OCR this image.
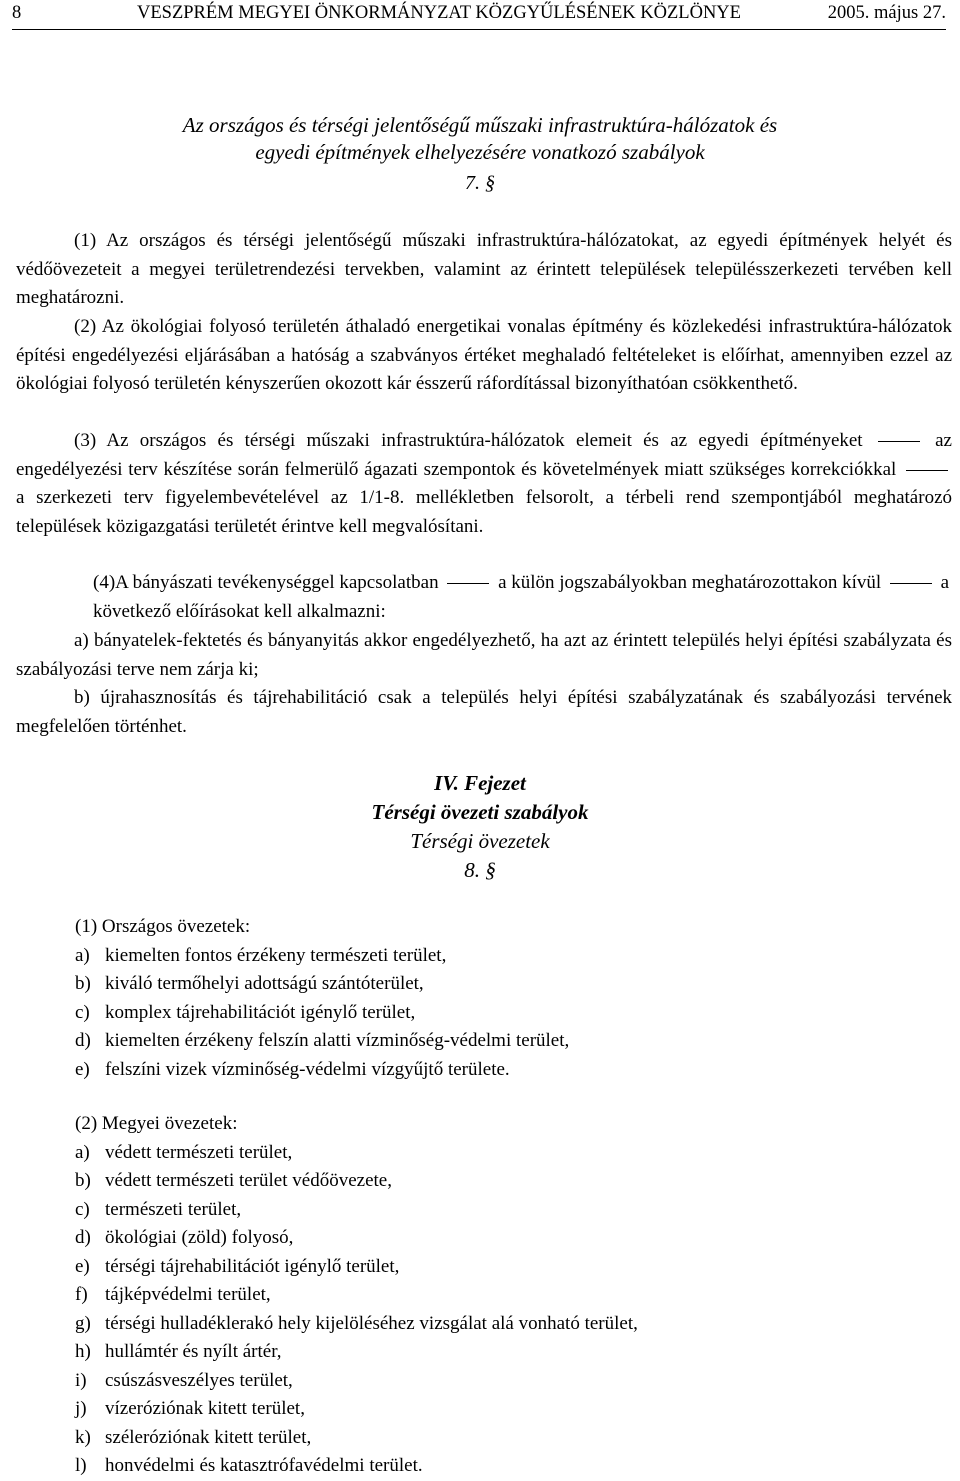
8	VESZPRÉM MEGYEI ÖNKORMÁNYZAT KÖZGYŰLÉSÉNEK KÖZLÖNYE	2005. május 27.
Az országos és térségi jelentőségű műszaki infrastruktúra-hálózatok és
egyedi építmények elhelyezésére vonatkozó szabályok
7. §
(1) Az országos és térségi jelentőségű műszaki infrastruktúra-hálózatokat, az egyedi építmények helyét és védőövezeteit a megyei területrendezési tervekben, valamint az érintett települések településszerkezeti tervében kell meghatározni.
(2) Az ökológiai folyosó területén áthaladó energetikai vonalas építmény és közlekedési infrastruktúra-hálózatok építési engedélyezési eljárásában a hatóság a szabványos értéket meghaladó feltételeket is előírhat, amennyiben ezzel az ökológiai folyosó területén kényszerűen okozott kár ésszerű ráfordítással bizonyíthatóan csökkenthető.
(3) Az országos és térségi műszaki infrastruktúra-hálózatok elemeit és az egyedi építményeket	az engedélyezési terv készítése során felmerülő ágazati szempontok és követelmények miatt szükséges korrekciókkal  a szerkezeti terv figyelembevételével az 1/1-8. mellékletben felsorolt, a térbeli rend szempontjából meghatározó települések közigazgatási területét érintve kell megvalósítani.
(4)A bányászati tevékenységgel kapcsolatban	a külön jogszabályokban meghatározottakon kívül	a következő előírásokat kell alkalmazni:
a) bányatelek-fektetés és bányanyitás akkor engedélyezhető, ha azt az érintett település helyi építési szabályzata és szabályozási terve nem zárja ki;
b) újrahasznosítás és tájrehabilitáció csak a település helyi építési szabályzatának és szabályozási tervének megfelelően történhet.
IV. Fejezet
Térségi övezeti szabályok
Térségi övezetek
8. §
(1) Országos övezetek:
a) kiemelten fontos érzékeny természeti terület,
b) kiváló termőhelyi adottságú szántóterület,
c) komplex tájrehabilitációt igénylő terület,
d) kiemelten érzékeny felszín alatti vízminőség-védelmi terület,
e) felszíni vizek vízminőség-védelmi vízgyűjtő területe.
(2) Megyei övezetek:
a) védett természeti terület,
b) védett természeti terület védőövezete,
c) természeti terület,
d) ökológiai (zöld) folyosó,
e) térségi tájrehabilitációt igénylő terület,
f) tájképvédelmi terület,
g) térségi hulladéklerakó hely kijelöléséhez vizsgálat alá vonható terület,
h) hullámtér és nyílt ártér,
i) csúszásveszélyes terület,
j) vízeróziónak kitett terület,
k) széleróziónak kitett terület,
l) honvédelmi és katasztrófavédelmi terület.
